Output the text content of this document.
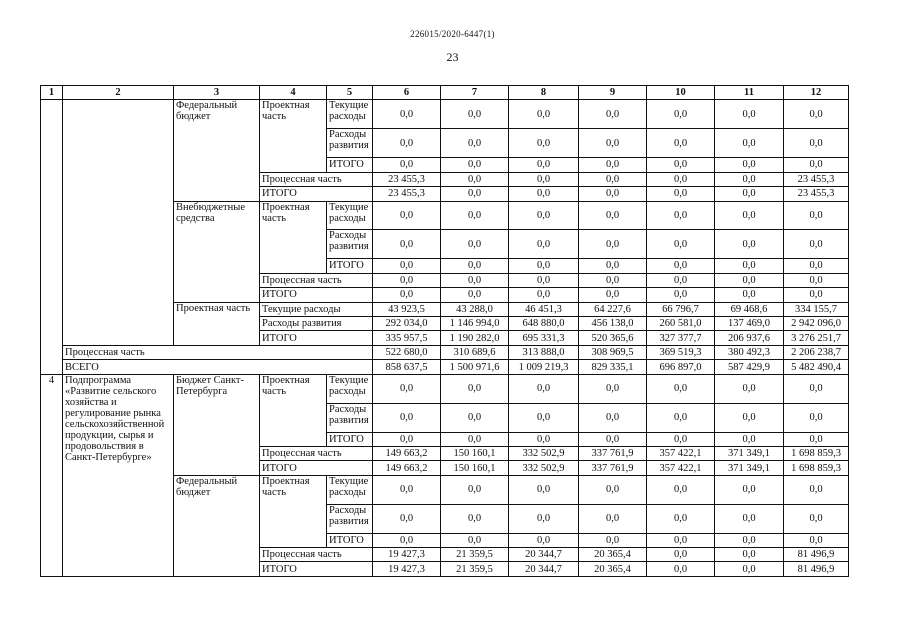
226015/2020-6447(1)
23
1	2	3	4	5	6	7	8	9	10	11	12
		Федеральный бюджет	Проектная часть	Текущие расходы	0,0	0,0	0,0	0,0	0,0	0,0	0,0
				Расходы развития	0,0	0,0	0,0	0,0	0,0	0,0	0,0
				ИТОГО	0,0	0,0	0,0	0,0	0,0	0,0	0,0
			Процессная часть		23 455,3	0,0	0,0	0,0	0,0	0,0	23 455,3
			ИТОГО		23 455,3	0,0	0,0	0,0	0,0	0,0	23 455,3
		Внебюджетные средства	Проектная часть	Текущие расходы	0,0	0,0	0,0	0,0	0,0	0,0	0,0
				Расходы развития	0,0	0,0	0,0	0,0	0,0	0,0	0,0
				ИТОГО	0,0	0,0	0,0	0,0	0,0	0,0	0,0
			Процессная часть		0,0	0,0	0,0	0,0	0,0	0,0	0,0
			ИТОГО		0,0	0,0	0,0	0,0	0,0	0,0	0,0
		Проектная часть	Текущие расходы		43 923,5	43 288,0	46 451,3	64 227,6	66 796,7	69 468,6	334 155,7
			Расходы развития		292 034,0	1 146 994,0	648 880,0	456 138,0	260 581,0	137 469,0	2 942 096,0
			ИТОГО		335 957,5	1 190 282,0	695 331,3	520 365,6	327 377,7	206 937,6	3 276 251,7
	Процессная часть				522 680,0	310 689,6	313 888,0	308 969,5	369 519,3	380 492,3	2 206 238,7
	ВСЕГО				858 637,5	1 500 971,6	1 009 219,3	829 335,1	696 897,0	587 429,9	5 482 490,4
4	Подпрограмма «Развитие сельского хозяйства и регулирование рынка сельскохозяйственной продукции, сырья и продовольствия в Санкт-Петербурге»	Бюджет Санкт-Петербурга	Проектная часть	Текущие расходы	0,0	0,0	0,0	0,0	0,0	0,0	0,0
				Расходы развития	0,0	0,0	0,0	0,0	0,0	0,0	0,0
				ИТОГО	0,0	0,0	0,0	0,0	0,0	0,0	0,0
			Процессная часть		149 663,2	150 160,1	332 502,9	337 761,9	357 422,1	371 349,1	1 698 859,3
			ИТОГО		149 663,2	150 160,1	332 502,9	337 761,9	357 422,1	371 349,1	1 698 859,3
		Федеральный бюджет	Проектная часть	Текущие расходы	0,0	0,0	0,0	0,0	0,0	0,0	0,0
				Расходы развития	0,0	0,0	0,0	0,0	0,0	0,0	0,0
				ИТОГО	0,0	0,0	0,0	0,0	0,0	0,0	0,0
			Процессная часть		19 427,3	21 359,5	20 344,7	20 365,4	0,0	0,0	81 496,9
			ИТОГО		19 427,3	21 359,5	20 344,7	20 365,4	0,0	0,0	81 496,9
